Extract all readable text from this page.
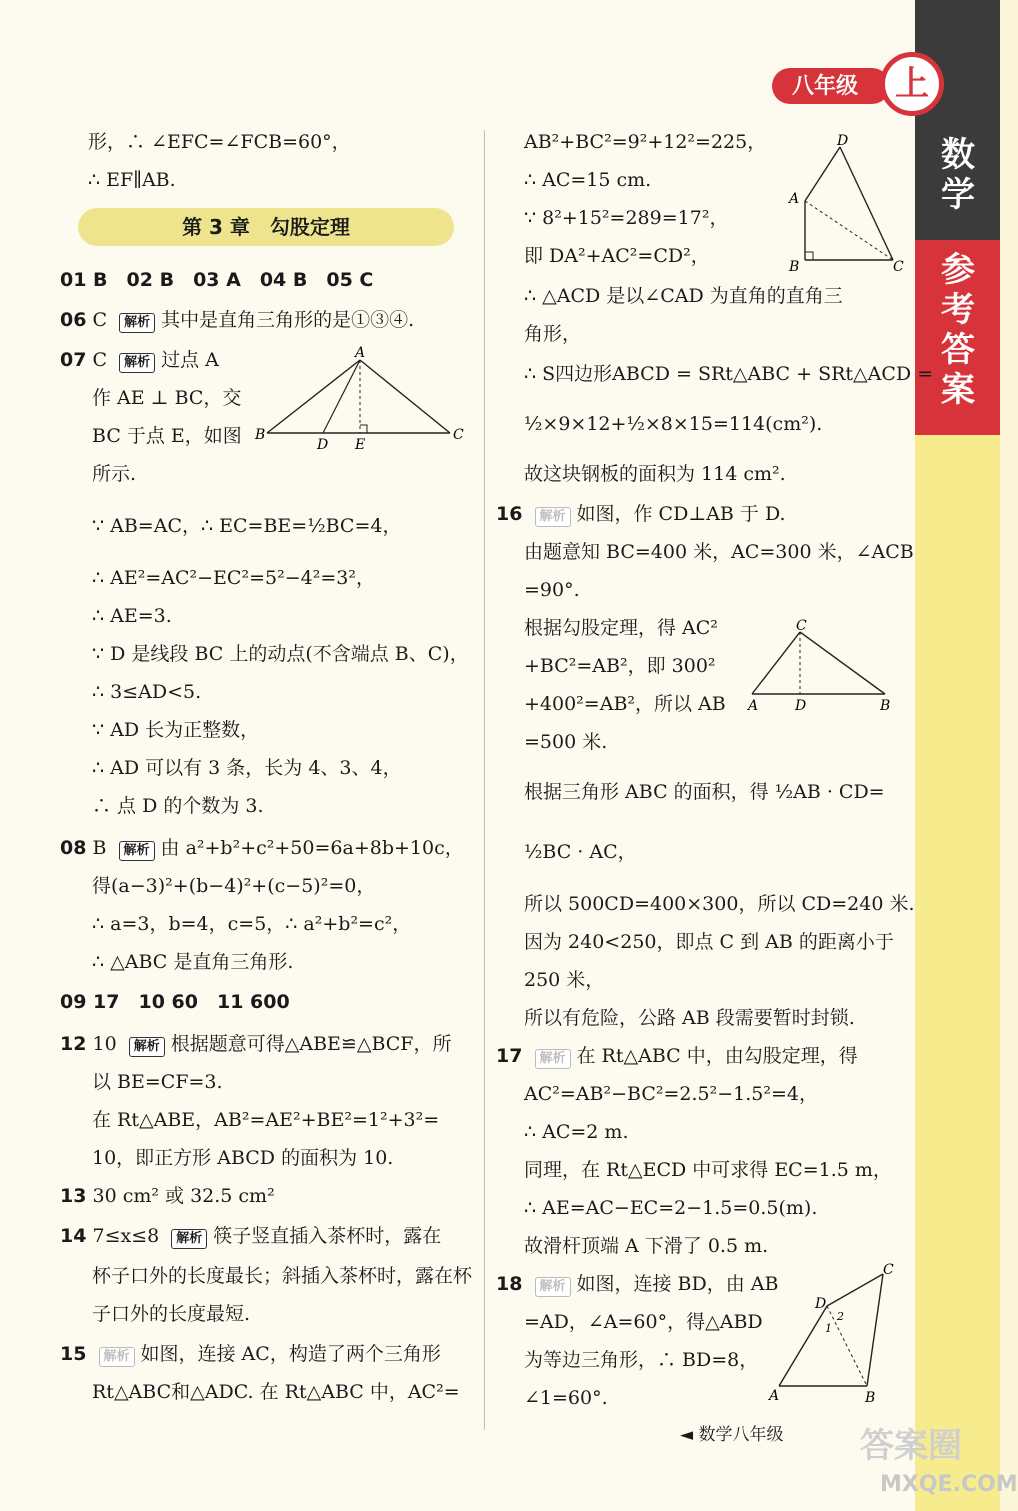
八年级	上
数学
参考答案
形，∴ ∠EFC=∠FCB=60°，
∴ EF∥AB.
第 3 章　勾股定理
01 B　02 B　03 A　04 B　05 C
06 C 解析 其中是直角三角形的是①③④.
07 C 解析 过点 A
作 AE ⊥ BC，交
BC 于点 E，如图
所示.
A
B
D E
C
∵ AB=AC，∴ EC=BE=½BC=4，
∴ AE²=AC²−EC²=5²−4²=3²，
∴ AE=3.
∵ D 是线段 BC 上的动点(不含端点 B、C)，
∴ 3≤AD<5.
∵ AD 长为正整数，
∴ AD 可以有 3 条，长为 4、3、4，
∴ 点 D 的个数为 3.
08 B 解析 由 a²+b²+c²+50=6a+8b+10c，
得(a−3)²+(b−4)²+(c−5)²=0，
∴ a=3，b=4，c=5，∴ a²+b²=c²，
∴ △ABC 是直角三角形.
09 17　10 60　11 600
12 10 解析 根据题意可得△ABE≌△BCF，所
以 BE=CF=3.
在 Rt△ABE，AB²=AE²+BE²=1²+3²=
10，即正方形 ABCD 的面积为 10.
13 30 cm² 或 32.5 cm²
14 7≤x≤8 解析 筷子竖直插入茶杯时，露在
杯子口外的长度最长；斜插入茶杯时，露在杯
子口外的长度最短.
15 解析 如图，连接 AC，构造了两个三角形
Rt△ABC和△ADC. 在 Rt△ABC 中，AC²=
AB²+BC²=9²+12²=225，
∴ AC=15 cm.
∵ 8²+15²=289=17²，
即 DA²+AC²=CD²，
D
A
B	C
∴ △ACD 是以∠CAD 为直角的直角三
角形，
∴ S四边形ABCD = SRt△ABC + SRt△ACD =
½×9×12+½×8×15=114(cm²).
故这块钢板的面积为 114 cm².
16 解析 如图，作 CD⊥AB 于 D.
由题意知 BC=400 米，AC=300 米，∠ACB
=90°.
根据勾股定理，得 AC²
+BC²=AB²，即 300²
+400²=AB²，所以 AB
=500 米.
C
A	D	B
根据三角形 ABC 的面积，得 ½AB · CD=
½BC · AC，
所以 500CD=400×300，所以 CD=240 米.
因为 240<250，即点 C 到 AB 的距离小于
250 米，
所以有危险，公路 AB 段需要暂时封锁.
17 解析 在 Rt△ABC 中，由勾股定理，得
AC²=AB²−BC²=2.5²−1.5²=4，
∴ AC=2 m.
同理，在 Rt△ECD 中可求得 EC=1.5 m，
∴ AE=AC−EC=2−1.5=0.5(m).
故滑杆顶端 A 下滑了 0.5 m.
18 解析 如图，连接 BD，由 AB
=AD，∠A=60°，得△ABD
为等边三角形，∴ BD=8，
∠1=60°.
C
D
2
1
A	B
◄ 数学八年级 答案圈
MXQE.COM
